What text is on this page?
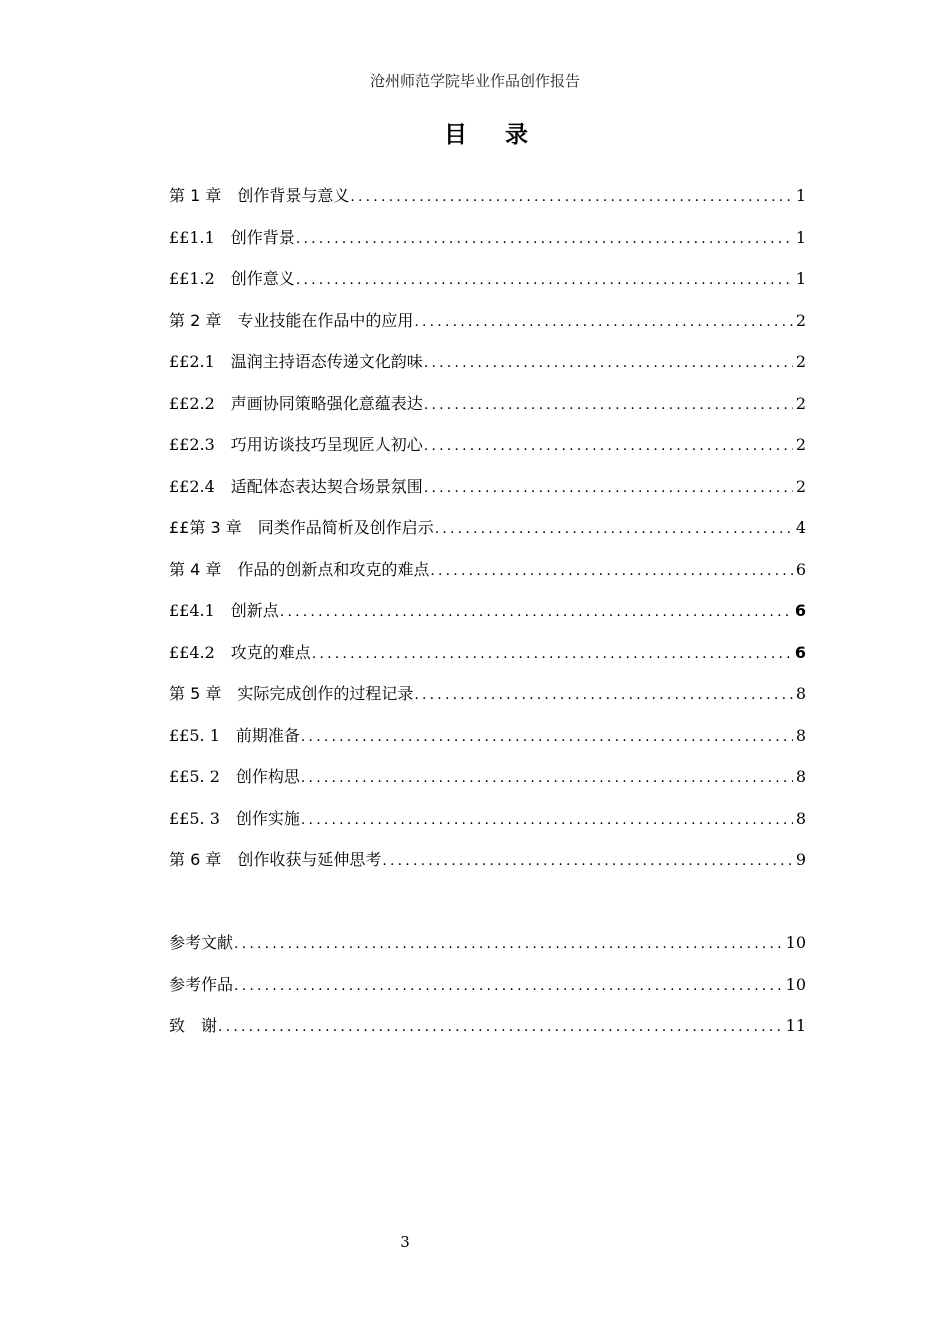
沧州师范学院毕业作品创作报告
目录
第 1 章　创作背景与意义 .....	1
££1.1　创作背景 .....	1
££1.2　创作意义 .....	1
第 2 章　专业技能在作品中的应用 .....	2
££2.1　温润主持语态传递文化韵味 .....	2
££2.2　声画协同策略强化意蕴表达 .....	2
££2.3　巧用访谈技巧呈现匠人初心 .....	2
££2.4　适配体态表达契合场景氛围 .....	2
££第 3 章　同类作品简析及创作启示 .....	4
第 4 章　作品的创新点和攻克的难点 .....	6
££4.1　创新点 .....	6
££4.2　攻克的难点 .....	6
第 5 章　实际完成创作的过程记录 .....	8
££5. 1　前期准备 .....	8
££5. 2　创作构思 .....	8
££5. 3　创作实施 .....	8
第 6 章　创作收获与延伸思考 .....	9
参考文献 .....	10
参考作品 .....	10
致　谢 .....	11
3
